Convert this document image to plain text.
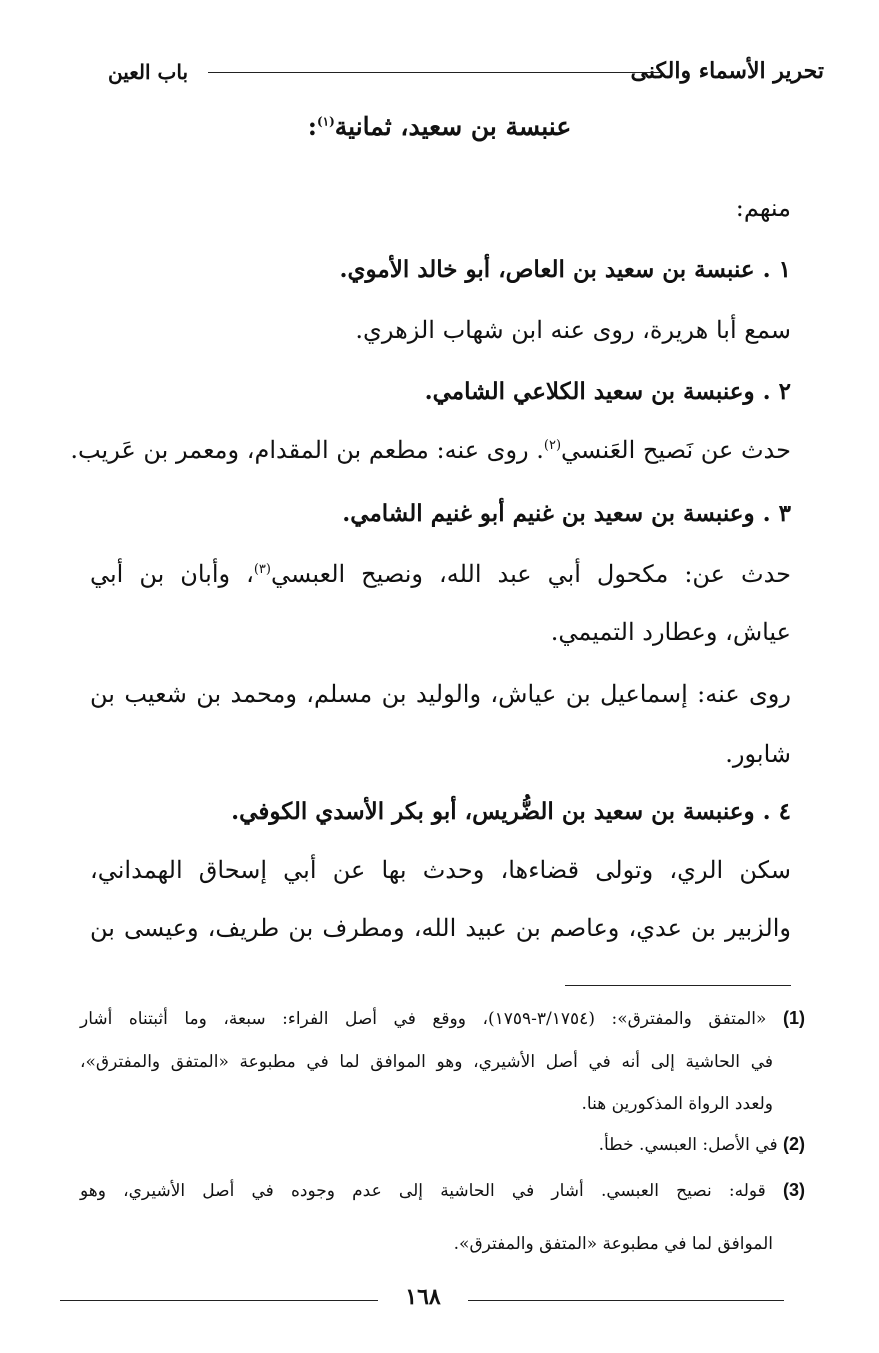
تحرير الأسماء والكنى
باب العين
عنبسة بن سعيد، ثمانية$^{(١)}$:
منهم:
١ . عنبسة بن سعيد بن العاص، أبو خالد الأموي.
سمع أبا هريرة، روى عنه ابن شهاب الزهري.
٢ . وعنبسة بن سعيد الكلاعي الشامي.
حدث عن نَصيح العَنسي$^{(٢)}$. روى عنه: مطعم بن المقدام، ومعمر بن عَريب.
٣ . وعنبسة بن سعيد بن غنيم أبو غنيم الشامي.
حدث عن: مكحول أبي عبد الله، ونصيح العبسي$^{(٣)}$، وأبان بن أبي
عياش، وعطارد التميمي.
روى عنه: إسماعيل بن عياش، والوليد بن مسلم، ومحمد بن شعيب بن
شابور.
٤ . وعنبسة بن سعيد بن الضُّريس، أبو بكر الأسدي الكوفي.
سكن الري، وتولى قضاءها، وحدث بها عن أبي إسحاق الهمداني،
والزبير بن عدي، وعاصم بن عبيد الله، ومطرف بن طريف، وعيسى بن
(1) «المتفق والمفترق»: (٣/١٧٥٤-١٧٥٩)، ووقع في أصل الفراء: سبعة، وما أثبتناه أشار
في الحاشية إلى أنه في أصل الأشيري، وهو الموافق لما في مطبوعة «المتفق والمفترق»،
ولعدد الرواة المذكورين هنا.
(2) في الأصل: العبسي. خطأ.
(3) قوله: نصيح العبسي. أشار في الحاشية إلى عدم وجوده في أصل الأشيري، وهو
الموافق لما في مطبوعة «المتفق والمفترق».
١٦٨
